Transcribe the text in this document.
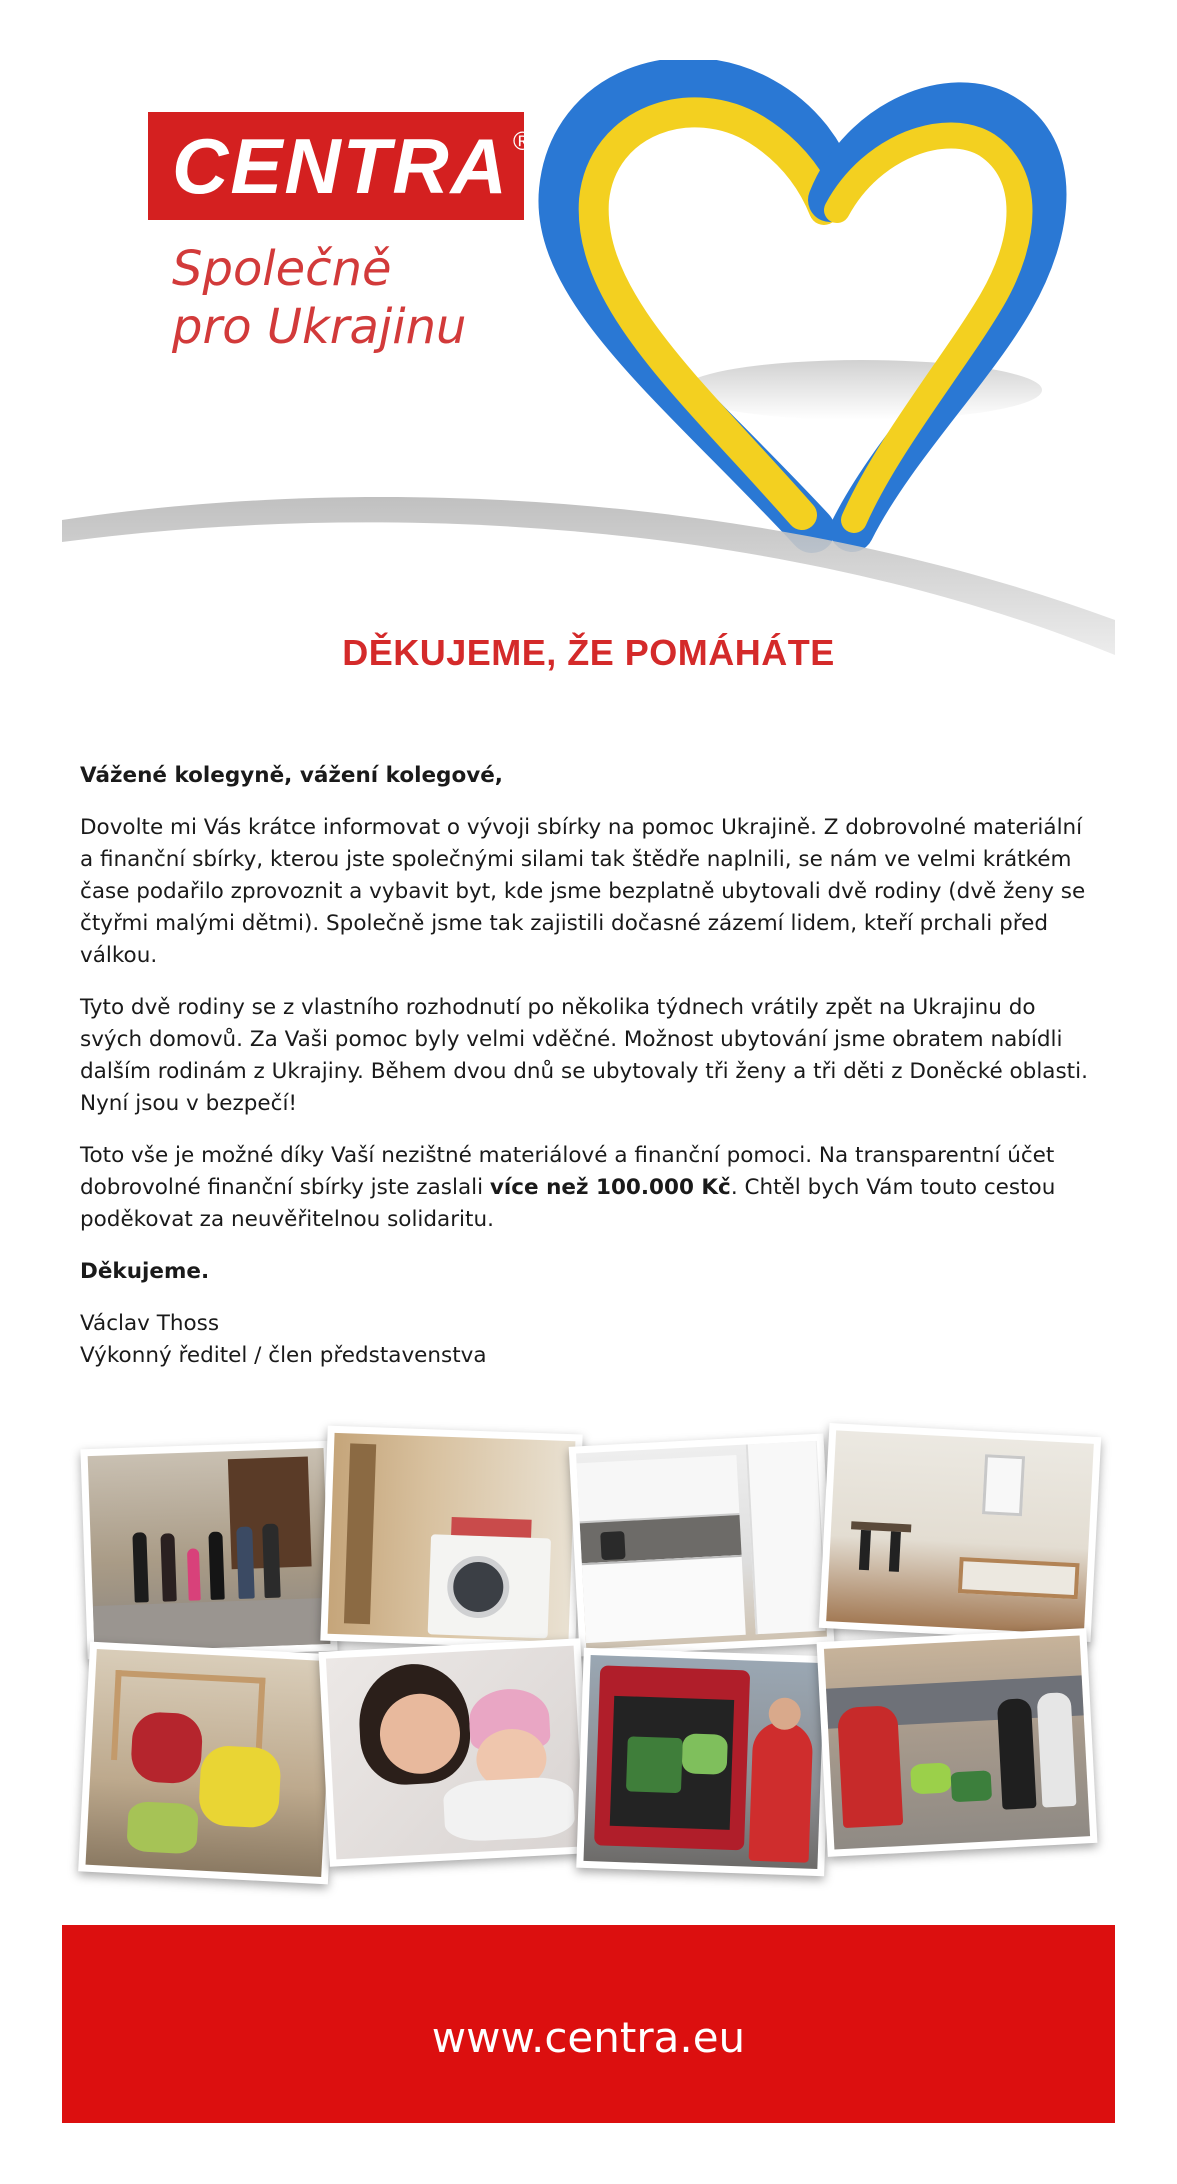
CENTRA®
Společně
pro Ukrajinu
DĚKUJEME, ŽE POMÁHÁTE

Vážené kolegyně, vážení kolegové,

Dovolte mi Vás krátce informovat o vývoji sbírky na pomoc Ukrajině. Z dobrovolné materiální a finanční sbírky, kterou jste společnými silami tak štědře naplnili, se nám ve velmi krátkém čase podařilo zprovoznit a vybavit byt, kde jsme bezplatně ubytovali dvě rodiny (dvě ženy se čtyřmi malými dětmi). Společně jsme tak zajistili dočasné zázemí lidem, kteří prchali před válkou.

Tyto dvě rodiny se z vlastního rozhodnutí po několika týdnech vrátily zpět na Ukrajinu do svých domovů. Za Vaši pomoc byly velmi vděčné. Možnost ubytování jsme obratem nabídli dalším rodinám z Ukrajiny. Během dvou dnů se ubytovaly tři ženy a tři děti z Doněcké oblasti. Nyní jsou v bezpečí!

Toto vše je možné díky Vaší nezištné materiálové a finanční pomoci. Na transparentní účet dobrovolné finanční sbírky jste zaslali více než 100.000 Kč. Chtěl bych Vám touto cestou poděkovat za neuvěřitelnou solidaritu.

Děkujeme.

Václav Thoss
Výkonný ředitel / člen představenstva
www.centra.eu
